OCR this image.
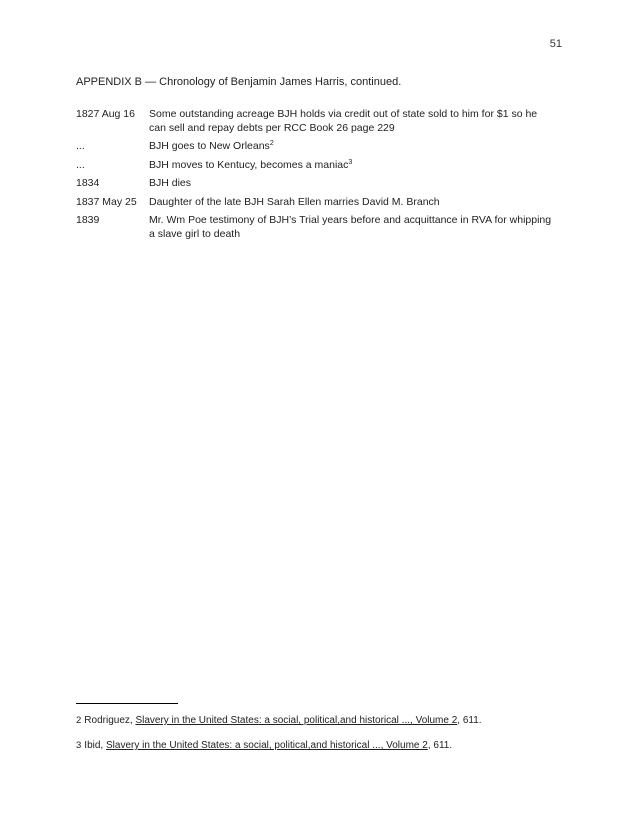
51
APPENDIX B — Chronology of Benjamin James Harris, continued.
1827 Aug 16	Some outstanding acreage BJH holds via credit out of state sold to him for $1 so he can sell and repay debts per RCC Book 26 page 229
...	BJH goes to New Orleans$^2$
...	BJH moves to Kentucy, becomes a maniac$^3$
1834	BJH dies
1837 May 25	Daughter of the late BJH Sarah Ellen marries David M. Branch
1839	Mr. Wm Poe testimony of BJH’s Trial years before and acquittance in RVA for whipping a slave girl to death
2 Rodriguez, Slavery in the United States: a social, political,and historical ..., Volume 2, 611.
3 Ibid, Slavery in the United States: a social, political,and historical ..., Volume 2, 611.
